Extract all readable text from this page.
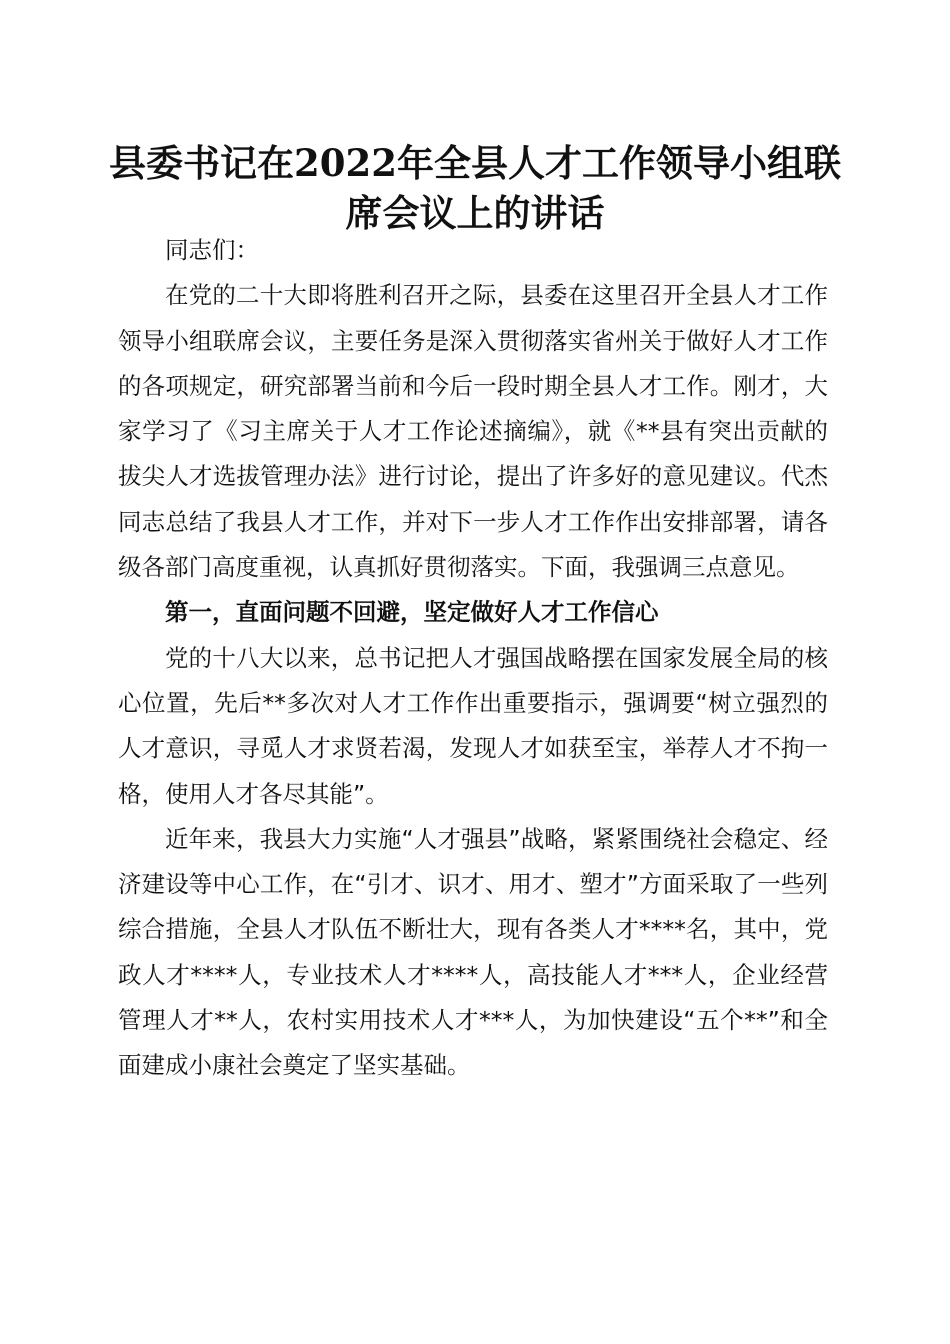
县委书记在2022年全县人才工作领导小组联
席会议上的讲话

同志们：

在党的二十大即将胜利召开之际，县委在这里召开全县人才工作领导小组联席会议，主要任务是深入贯彻落实省州关于做好人才工作的各项规定，研究部署当前和今后一段时期全县人才工作。刚才，大家学习了《习主席关于人才工作论述摘编》，就《**县有突出贡献的拔尖人才选拔管理办法》进行讨论，提出了许多好的意见建议。代杰同志总结了我县人才工作，并对下一步人才工作作出安排部署，请各级各部门高度重视，认真抓好贯彻落实。下面，我强调三点意见。

第一，直面问题不回避，坚定做好人才工作信心

党的十八大以来，总书记把人才强国战略摆在国家发展全局的核心位置，先后**多次对人才工作作出重要指示，强调要“树立强烈的人才意识，寻觅人才求贤若渴，发现人才如获至宝，举荐人才不拘一格，使用人才各尽其能”。

近年来，我县大力实施“人才强县”战略，紧紧围绕社会稳定、经济建设等中心工作，在“引才、识才、用才、塑才”方面采取了一些列综合措施，全县人才队伍不断壮大，现有各类人才****名，其中，党政人才****人，专业技术人才****人，高技能人才***人，企业经营管理人才**人，农村实用技术人才***人，为加快建设“五个**”和全面建成小康社会奠定了坚实基础。
